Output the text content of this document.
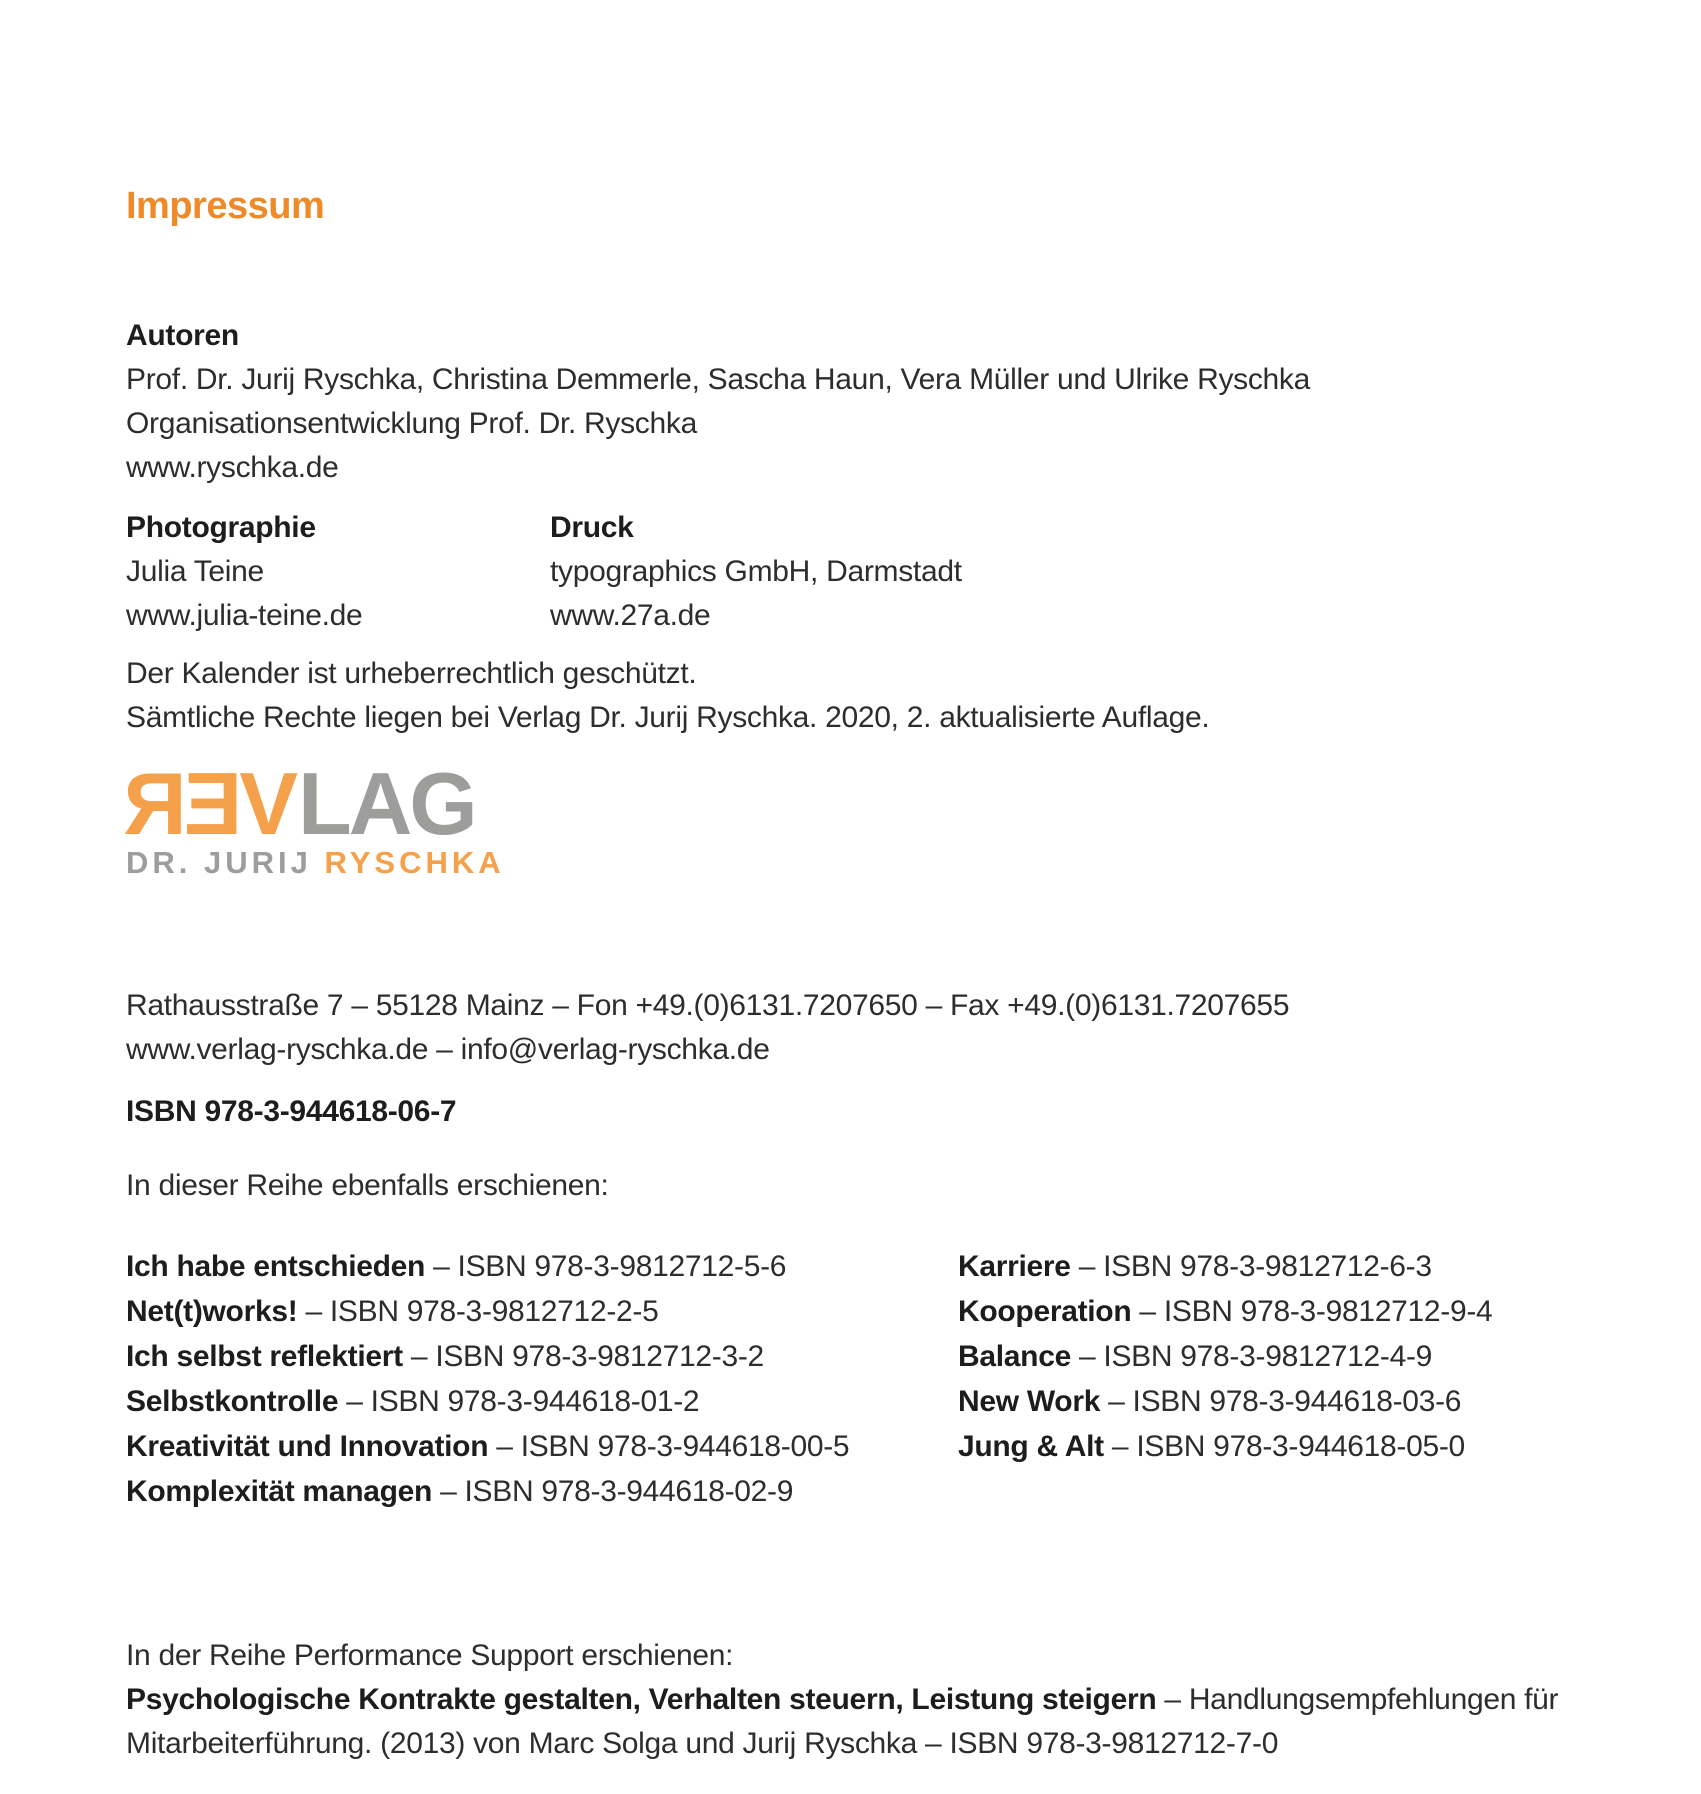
Impressum

Autoren

Prof. Dr. Jurij Ryschka, Christina Demmerle, Sascha Haun, Vera Müller und Ulrike Ryschka

Organisationsentwicklung Prof. Dr. Ryschka

www.ryschka.de

Photographie

Julia Teine

www.julia-teine.de

Druck

typographics GmbH, Darmstadt

www.27a.de

Der Kalender ist urheberrechtlich geschützt.

Sämtliche Rechte liegen bei Verlag Dr. Jurij Ryschka. 2020, 2. aktualisierte Auflage.

VERLAG
DR. JURIJ RYSCHKA

Rathausstraße 7 – 55128 Mainz – Fon +49.(0)6131.7207650 – Fax +49.(0)6131.7207655

www.verlag-ryschka.de – info@verlag-ryschka.de

ISBN 978-3-944618-06-7

In dieser Reihe ebenfalls erschienen:

Ich habe entschieden – ISBN 978-3-9812712-5-6

Net(t)works! – ISBN 978-3-9812712-2-5

Ich selbst reflektiert – ISBN 978-3-9812712-3-2

Selbstkontrolle – ISBN 978-3-944618-01-2

Kreativität und Innovation – ISBN 978-3-944618-00-5

Komplexität managen – ISBN 978-3-944618-02-9

Karriere – ISBN 978-3-9812712-6-3

Kooperation – ISBN 978-3-9812712-9-4

Balance – ISBN 978-3-9812712-4-9

New Work – ISBN 978-3-944618-03-6

Jung & Alt – ISBN 978-3-944618-05-0

In der Reihe Performance Support erschienen:

Psychologische Kontrakte gestalten, Verhalten steuern, Leistung steigern – Handlungsempfehlungen für
Mitarbeiterführung. (2013) von Marc Solga und Jurij Ryschka – ISBN 978-3-9812712-7-0
